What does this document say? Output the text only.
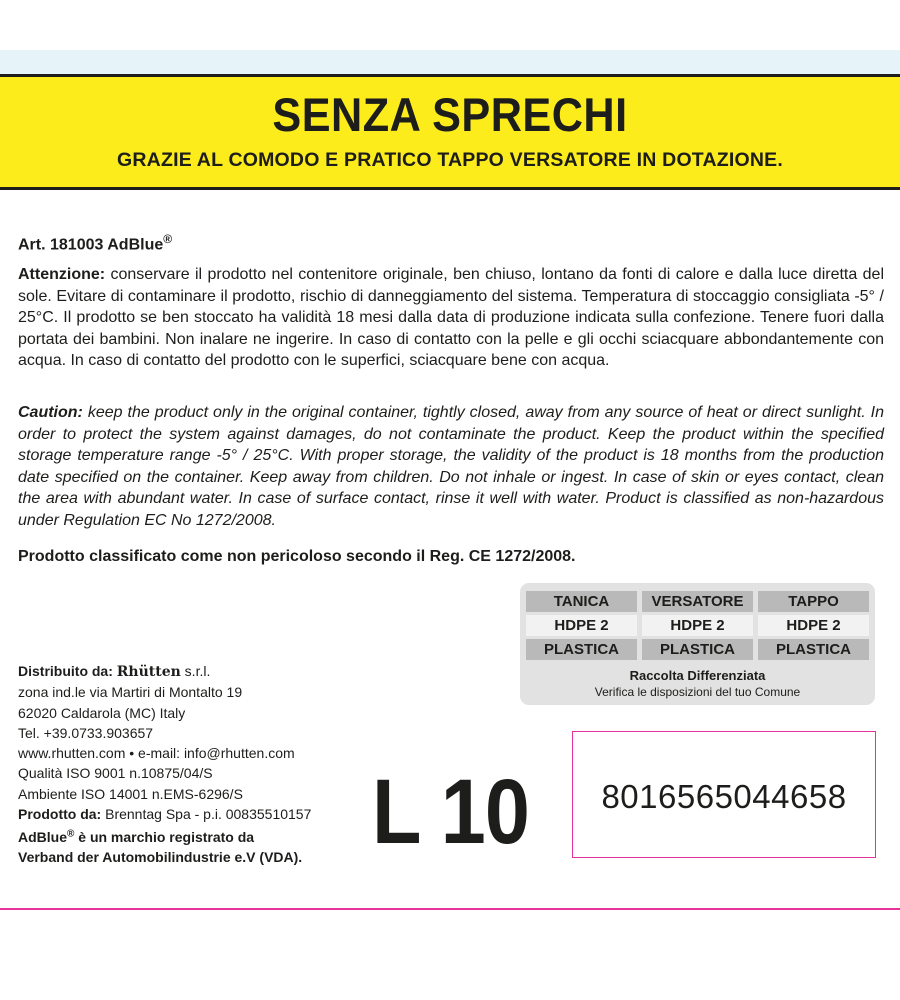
SENZA SPRECHI
GRAZIE AL COMODO E PRATICO TAPPO VERSATORE IN DOTAZIONE.
Art. 181003 AdBlue®
Attenzione: conservare il prodotto nel contenitore originale, ben chiuso, lontano da fonti di calore e dalla luce diretta del sole. Evitare di contaminare il prodotto, rischio di danneggiamento del sistema. Temperatura di stoccaggio consigliata -5° / 25°C. Il prodotto se ben stoccato ha validità 18 mesi dalla data di produzione indicata sulla confezione. Tenere fuori dalla portata dei bambini. Non inalare ne ingerire. In caso di contatto con la pelle e gli occhi sciacquare abbondantemente con acqua. In caso di contatto del prodotto con le superfici, sciacquare bene con acqua.
Caution: keep the product only in the original container, tightly closed, away from any source of heat or direct sunlight. In order to protect the system against damages, do not contaminate the product. Keep the product within the specified storage temperature range -5° / 25°C. With proper storage, the validity of the product is 18 months from the production date specified on the container. Keep away from children. Do not inhale or ingest. In case of skin or eyes contact, clean the area with abundant water. In case of surface contact, rinse it well with water. Product is classified as non-hazardous under Regulation EC No 1272/2008.
Prodotto classificato come non pericoloso secondo il Reg. CE 1272/2008.
TANICA	VERSATORE	TAPPO
HDPE 2	HDPE 2	HDPE 2
PLASTICA	PLASTICA	PLASTICA
Raccolta Differenziata
Verifica le disposizioni del tuo Comune
Distribuito da: Rhütten s.r.l.
zona ind.le via Martiri di Montalto 19
62020 Caldarola (MC) Italy
Tel. +39.0733.903657
www.rhutten.com • e-mail: info@rhutten.com
Qualità ISO 9001 n.10875/04/S
Ambiente ISO 14001 n.EMS-6296/S
Prodotto da: Brenntag Spa - p.i. 00835510157
AdBlue® è un marchio registrato da
Verband der Automobilindustrie e.V (VDA). L 10	8016565044658
